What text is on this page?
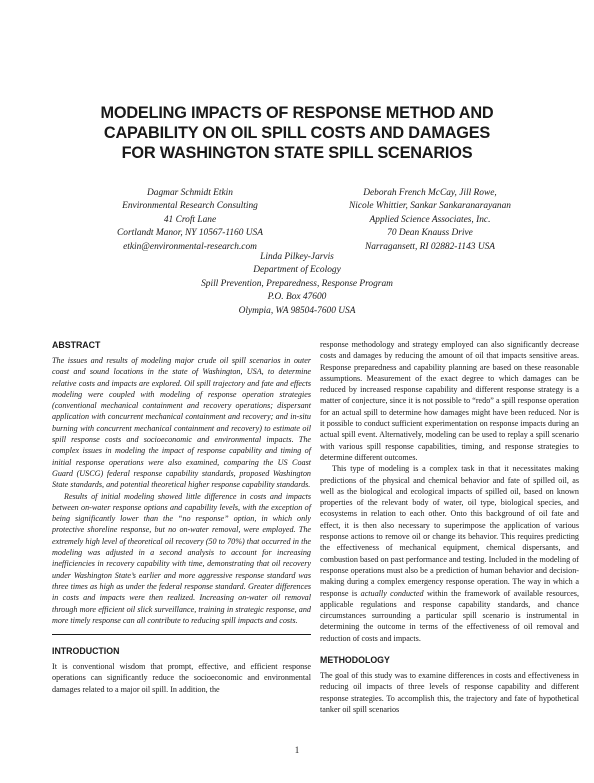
MODELING IMPACTS OF RESPONSE METHOD AND
CAPABILITY ON OIL SPILL COSTS AND DAMAGES
FOR WASHINGTON STATE SPILL SCENARIOS
Dagmar Schmidt Etkin
Environmental Research Consulting
41 Croft Lane
Cortlandt Manor, NY 10567-1160 USA
etkin@environmental-research.com
Deborah French McCay, Jill Rowe,
Nicole Whittier, Sankar Sankaranarayanan
Applied Science Associates, Inc.
70 Dean Knauss Drive
Narragansett, RI 02882-1143 USA
Linda Pilkey-Jarvis
Department of Ecology
Spill Prevention, Preparedness, Response Program
P.O. Box 47600
Olympia, WA 98504-7600 USA
ABSTRACT

The issues and results of modeling major crude oil spill scenarios in outer coast and sound locations in the state of Washington, USA, to determine relative costs and impacts are explored. Oil spill trajectory and fate and effects modeling were coupled with modeling of response operation strategies (conventional mechanical containment and recovery operations; dispersant application with concurrent mechanical containment and recovery; and in-situ burning with concurrent mechanical containment and recovery) to estimate oil spill response costs and socioeconomic and environmental impacts. The complex issues in modeling the impact of response capability and timing of initial response operations were also examined, comparing the US Coast Guard (USCG) federal response capability standards, proposed Washington State standards, and potential theoretical higher response capability standards.

Results of initial modeling showed little difference in costs and impacts between on-water response options and capability levels, with the exception of being significantly lower than the “no response” option, in which only protective shoreline response, but no on-water removal, were employed. The extremely high level of theoretical oil recovery (50 to 70%) that occurred in the modeling was adjusted in a second analysis to account for increasing inefficiencies in recovery capability with time, demonstrating that oil recovery under Washington State’s earlier and more aggressive response standard was three times as high as under the federal response standard. Greater differences in costs and impacts were then realized. Increasing on-water oil removal through more efficient oil slick surveillance, training in strategic response, and more timely response can all contribute to reducing spill impacts and costs.

INTRODUCTION

It is conventional wisdom that prompt, effective, and efficient response operations can significantly reduce the socioeconomic and environmental damages related to a major oil spill. In addition, the

response methodology and strategy employed can also significantly decrease costs and damages by reducing the amount of oil that impacts sensitive areas. Response preparedness and capability planning are based on these reasonable assumptions. Measurement of the exact degree to which damages can be reduced by increased response capability and different response strategy is a matter of conjecture, since it is not possible to “redo” a spill response operation for an actual spill to determine how damages might have been reduced. Nor is it possible to conduct sufficient experimentation on response impacts during an actual spill event. Alternatively, modeling can be used to replay a spill scenario with various spill response capabilities, timing, and response strategies to determine different outcomes.

This type of modeling is a complex task in that it necessitates making predictions of the physical and chemical behavior and fate of spilled oil, as well as the biological and ecological impacts of spilled oil, based on known properties of the relevant body of water, oil type, biological species, and ecosystems in relation to each other. Onto this background of oil fate and effect, it is then also necessary to superimpose the application of various response actions to remove oil or change its behavior. This requires predicting the effectiveness of mechanical equipment, chemical dispersants, and combustion based on past performance and testing. Included in the modeling of response operations must also be a prediction of human behavior and decision-making during a complex emergency response operation. The way in which a response is actually conducted within the framework of available resources, applicable regulations and response capability standards, and chance circumstances surrounding a particular spill scenario is instrumental in determining the outcome in terms of the effectiveness of oil removal and reduction of costs and impacts.

METHODOLOGY

The goal of this study was to examine differences in costs and effectiveness in reducing oil impacts of three levels of response capability and different response strategies. To accomplish this, the trajectory and fate of hypothetical tanker oil spill scenarios

1
